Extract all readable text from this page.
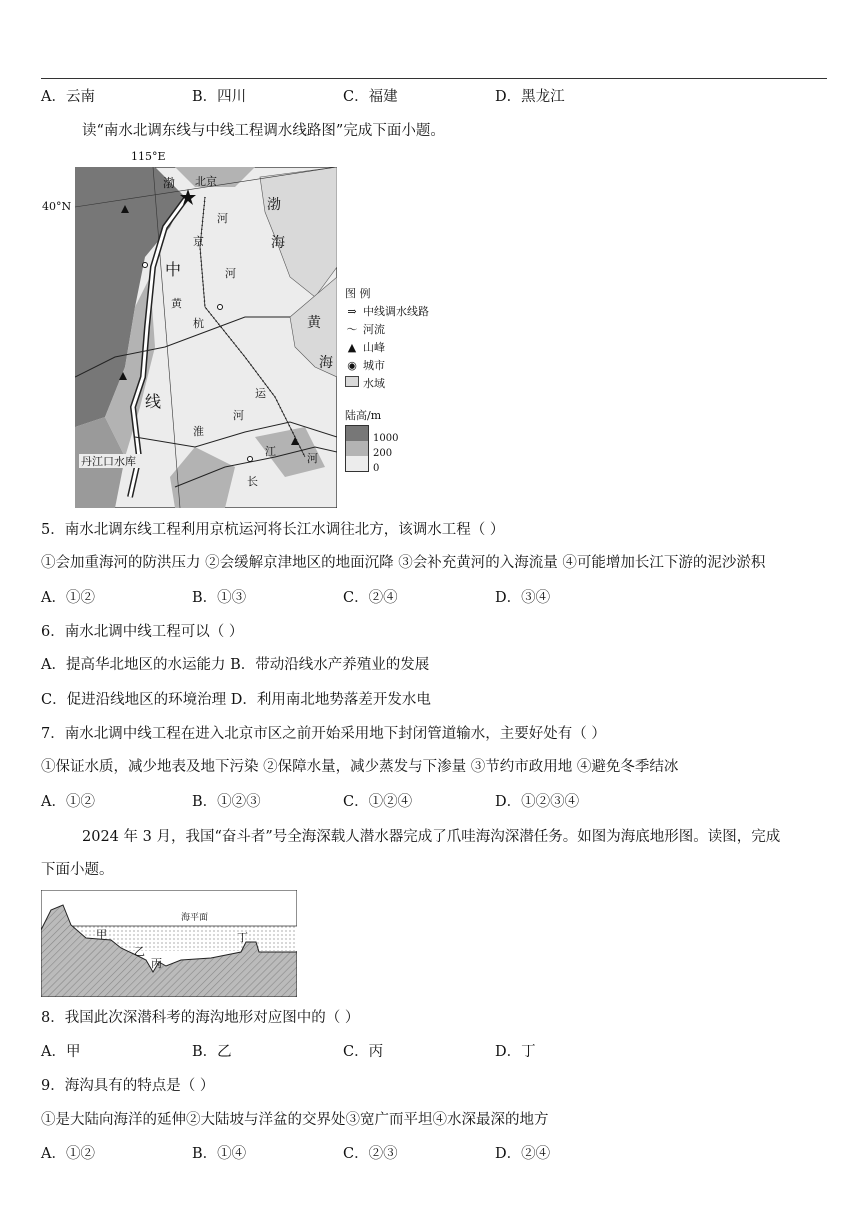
A．云南	B．四川	C．福建	D．黑龙江
读“南水北调东线与中线工程调水线路图”完成下面小题。
115°E
40°N
渤 北京
渤
海
河
京
中	河
黄
杭	黄
海
线	运
河
淮
江
河
长
丹江口水库
图 例
⇒ 中线调水线路
〜 河流
▲ 山峰
◉ 城市
水域
陆高/m
1000
200
0
5．南水北调东线工程利用京杭运河将长江水调往北方，该调水工程（ ）
①会加重海河的防洪压力 ②会缓解京津地区的地面沉降 ③会补充黄河的入海流量 ④可能增加长江下游的泥沙淤积
A．①②	B．①③	C．②④	D．③④
6．南水北调中线工程可以（ ）
A．提高华北地区的水运能力 B．带动沿线水产养殖业的发展
C．促进沿线地区的环境治理 D．利用南北地势落差开发水电
7．南水北调中线工程在进入北京市区之前开始采用地下封闭管道输水，主要好处有（ ）
①保证水质，减少地表及地下污染 ②保障水量，减少蒸发与下渗量 ③节约市政用地 ④避免冬季结冰
A．①②	B．①②③	C．①②④	D．①②③④
2024 年 3 月，我国“奋斗者”号全海深载人潜水器完成了爪哇海沟深潜任务。如图为海底地形图。读图，完成
下面小题。
海平面
甲
乙
丙
丁
8．我国此次深潜科考的海沟地形对应图中的（ ）
A．甲	B．乙	C．丙	D．丁
9．海沟具有的特点是（ ）
①是大陆向海洋的延伸②大陆坡与洋盆的交界处③宽广而平坦④水深最深的地方
A．①②	B．①④	C．②③	D．②④
